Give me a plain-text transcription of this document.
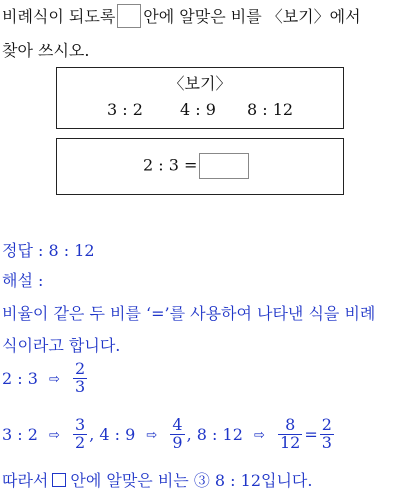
비례식이 되도록 안에 알맞은 비를 〈보기〉에서
찾아 쓰시오.
〈보기〉
3 : 2 4 : 9 8 : 12
2 : 3 =
정답 : 8 : 12
해설 :
비율이 같은 두 비를 ‘=’를 사용하여 나타낸 식을 비례
식이라고 합니다.
2 : 3 ⇨ $\frac{2}{3}$
3 : 2 ⇨ $\frac{3}{2}$ , 4 : 9 ⇨ $\frac{4}{9}$ , 8 : 12 ⇨ $\frac{8}{12} = \frac{2}{3}$
따라서 안에 알맞은 비는 ③ 8 : 12입니다.
